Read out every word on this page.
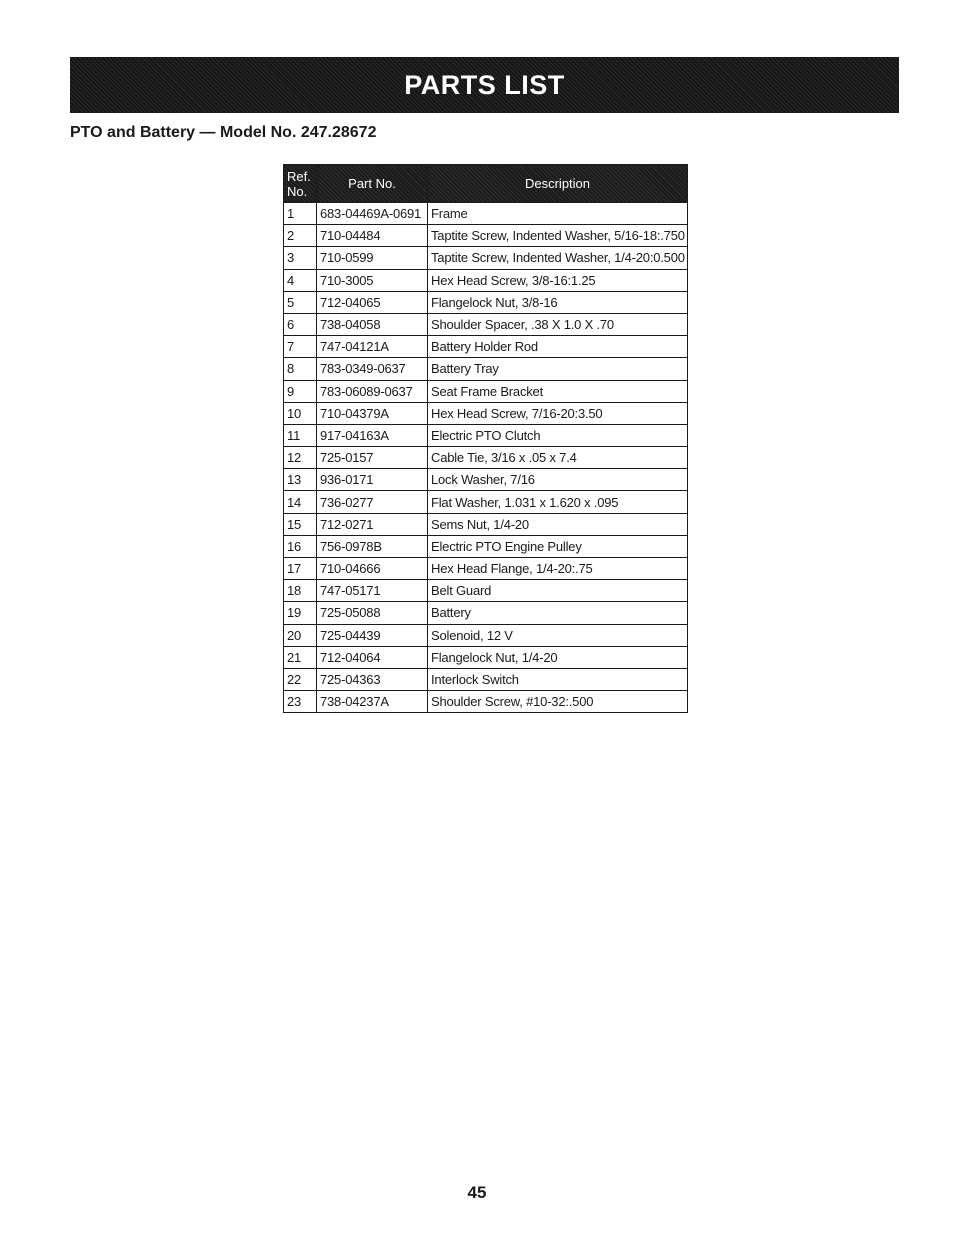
PARTS LIST
PTO and Battery — Model No. 247.28672
Ref.
No.	Part No.	Description
1	683-04469A-0691	Frame
2	710-04484	Taptite Screw, Indented Washer, 5/16-18:.750
3	710-0599	Taptite Screw, Indented Washer, 1/4-20:0.500
4	710-3005	Hex Head Screw, 3/8-16:1.25
5	712-04065	Flangelock Nut, 3/8-16
6	738-04058	Shoulder Spacer, .38 X 1.0 X .70
7	747-04121A	Battery Holder Rod
8	783-0349-0637	Battery Tray
9	783-06089-0637	Seat Frame Bracket
10	710-04379A	Hex Head Screw, 7/16-20:3.50
11	917-04163A	Electric PTO Clutch
12	725-0157	Cable Tie, 3/16 x .05 x 7.4
13	936-0171	Lock Washer, 7/16
14	736-0277	Flat Washer, 1.031 x 1.620 x .095
15	712-0271	Sems Nut, 1/4-20
16	756-0978B	Electric PTO Engine Pulley
17	710-04666	Hex Head Flange, 1/4-20:.75
18	747-05171	Belt Guard
19	725-05088	Battery
20	725-04439	Solenoid, 12 V
21	712-04064	Flangelock Nut, 1/4-20
22	725-04363	Interlock Switch
23	738-04237A	Shoulder Screw, #10-32:.500
45
